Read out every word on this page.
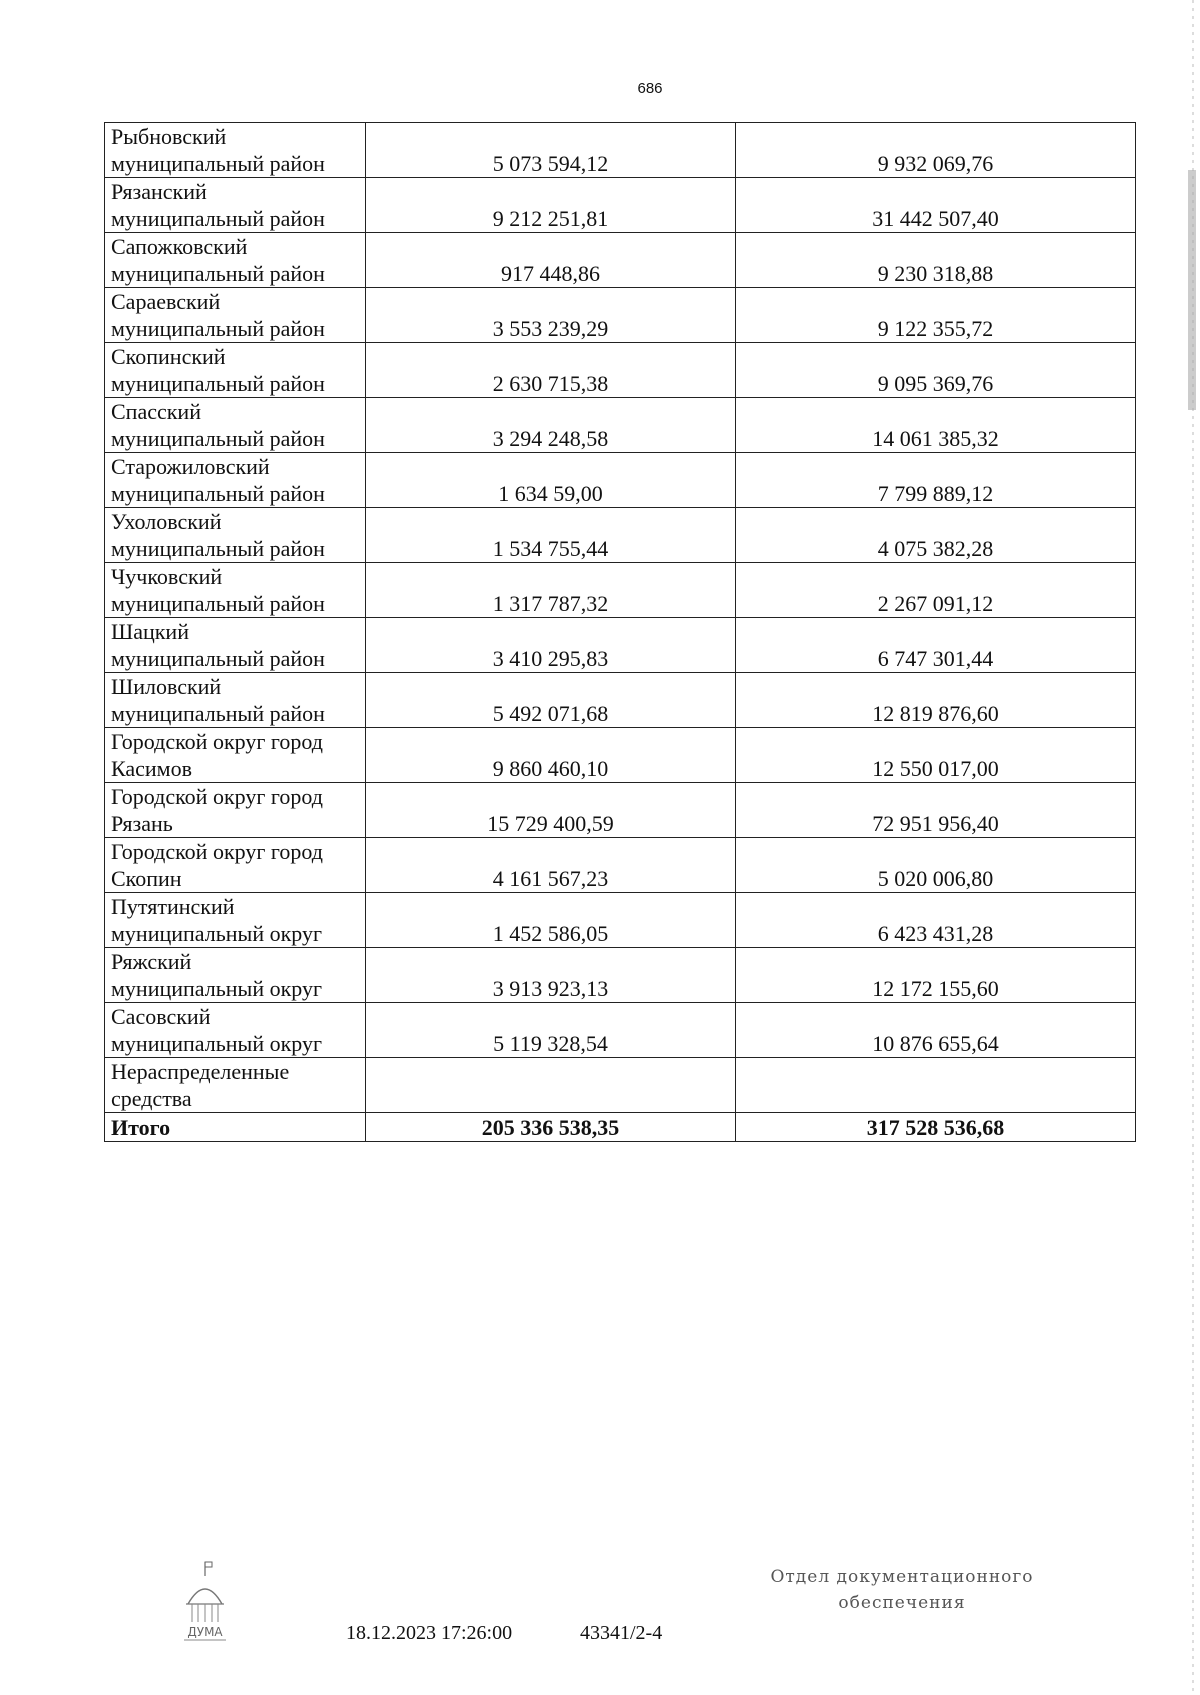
686
Рыбновский
муниципальный район	5 073 594,12	9 932 069,76

Рязанский
муниципальный район	9 212 251,81	31 442 507,40

Сапожковский
муниципальный район	917 448,86	9 230 318,88

Сараевский
муниципальный район	3 553 239,29	9 122 355,72

Скопинский
муниципальный район	2 630 715,38	9 095 369,76

Спасский
муниципальный район	3 294 248,58	14 061 385,32

Старожиловский
муниципальный район	1 634 59,00	7 799 889,12

Ухоловский
муниципальный район	1 534 755,44	4 075 382,28

Чучковский
муниципальный район	1 317 787,32	2 267 091,12

Шацкий
муниципальный район	3 410 295,83	6 747 301,44

Шиловский
муниципальный район	5 492 071,68	12 819 876,60

Городской округ город
Касимов	9 860 460,10	12 550 017,00

Городской округ город
Рязань	15 729 400,59	72 951 956,40

Городской округ город
Скопин	4 161 567,23	5 020 006,80

Путятинский
муниципальный округ	1 452 586,05	6 423 431,28

Ряжский
муниципальный округ	3 913 923,13	12 172 155,60

Сасовский
муниципальный округ	5 119 328,54	10 876 655,64

Нераспределенные
средства		

Итого	205 336 538,35	317 528 536,68
ДУМА	18.12.2023 17:26:00	43341/2-4
Отдел документационного
обеспечения
